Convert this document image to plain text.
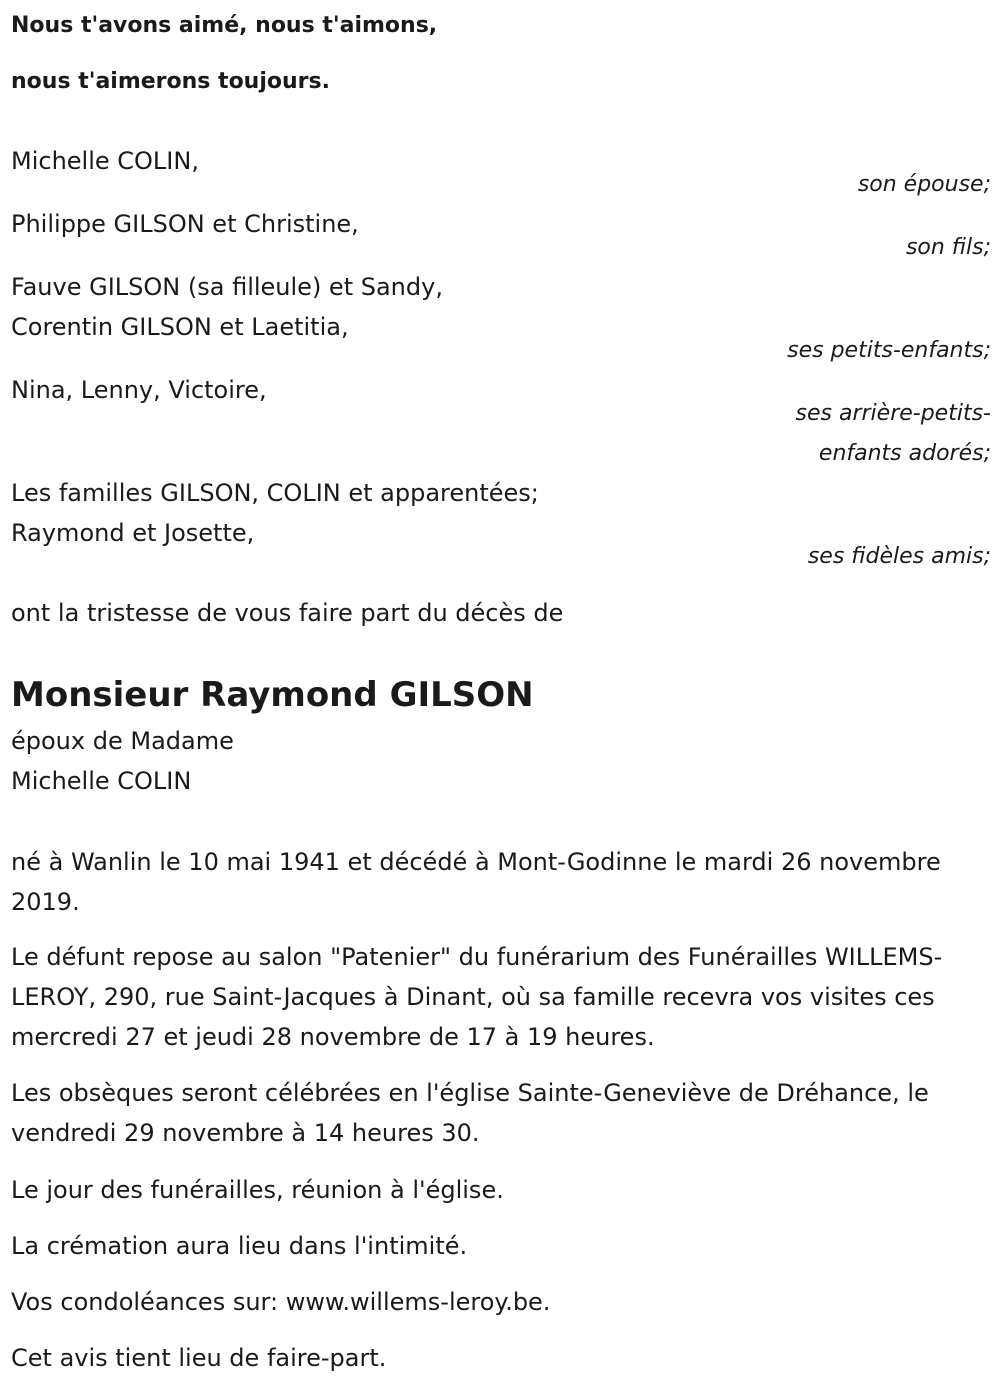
Nous t'avons aimé, nous t'aimons,

nous t'aimerons toujours.

Michelle COLIN,
son épouse;
Philippe GILSON et Christine,
son fils;
Fauve GILSON (sa filleule) et Sandy,
Corentin GILSON et Laetitia,
ses petits-enfants;
Nina, Lenny, Victoire,
ses arrière-petits-
enfants adorés;
Les familles GILSON, COLIN et apparentées;
Raymond et Josette,
ses fidèles amis;
ont la tristesse de vous faire part du décès de
Monsieur Raymond GILSON
époux de Madame
Michelle COLIN
né à Wanlin le 10 mai 1941 et décédé à Mont-Godinne le mardi 26 novembre 2019.
Le défunt repose au salon "Patenier" du funérarium des Funérailles WILLEMS-LEROY, 290, rue Saint-Jacques à Dinant, où sa famille recevra vos visites ces mercredi 27 et jeudi 28 novembre de 17 à 19 heures.
Les obsèques seront célébrées en l'église Sainte-Geneviève de Dréhance, le vendredi 29 novembre à 14 heures 30.
Le jour des funérailles, réunion à l'église.
La crémation aura lieu dans l'intimité.
Vos condoléances sur: www.willems-leroy.be.
Cet avis tient lieu de faire-part.
